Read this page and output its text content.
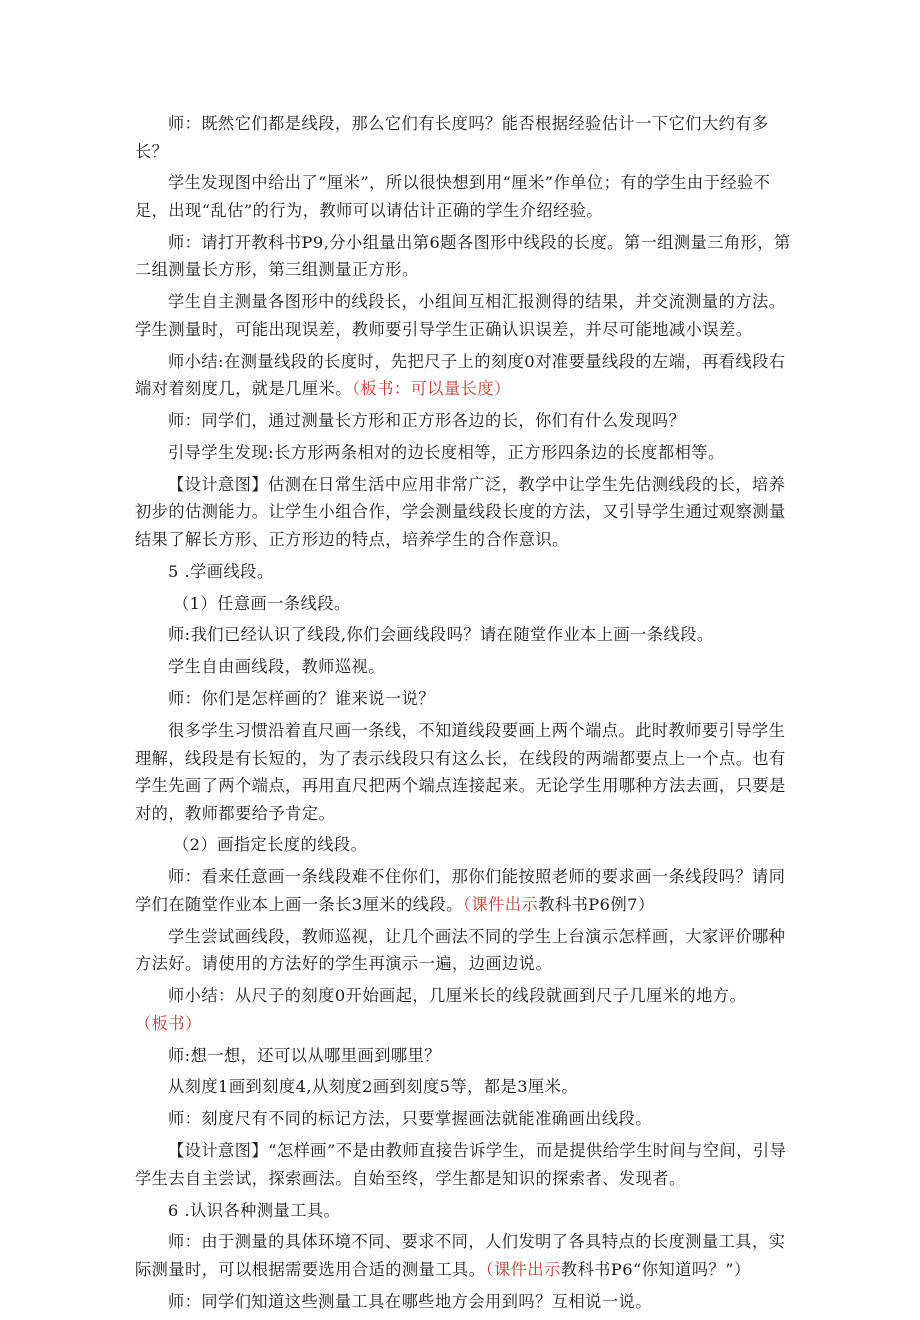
师：既然它们都是线段，那么它们有长度吗？能否根据经验估计一下它们大约有多长？

学生发现图中给出了“厘米”，所以很快想到用“厘米”作单位；有的学生由于经验不足，出现“乱估”的行为，教师可以请估计正确的学生介绍经验。

师：请打开教科书P9,分小组量出第6题各图形中线段的长度。第一组测量三角形，第二组测量长方形，第三组测量正方形。

学生自主测量各图形中的线段长，小组间互相汇报测得的结果，并交流测量的方法。学生测量时，可能出现误差，教师要引导学生正确认识误差，并尽可能地减小误差。

师小结:在测量线段的长度时，先把尺子上的刻度0对准要量线段的左端，再看线段右端对着刻度几，就是几厘米。（板书：可以量长度）

师：同学们，通过测量长方形和正方形各边的长，你们有什么发现吗？

引导学生发现:长方形两条相对的边长度相等，正方形四条边的长度都相等。

【设计意图】估测在日常生活中应用非常广泛，教学中让学生先估测线段的长，培养初步的估测能力。让学生小组合作，学会测量线段长度的方法，又引导学生通过观察测量结果了解长方形、正方形边的特点，培养学生的合作意识。

5 .学画线段。

（1）任意画一条线段。

师:我们已经认识了线段,你们会画线段吗？请在随堂作业本上画一条线段。

学生自由画线段，教师巡视。

师：你们是怎样画的？谁来说一说？

很多学生习惯沿着直尺画一条线，不知道线段要画上两个端点。此时教师要引导学生理解，线段是有长短的，为了表示线段只有这么长，在线段的两端都要点上一个点。也有学生先画了两个端点，再用直尺把两个端点连接起来。无论学生用哪种方法去画，只要是对的，教师都要给予肯定。

（2）画指定长度的线段。

师：看来任意画一条线段难不住你们，那你们能按照老师的要求画一条线段吗？请同学们在随堂作业本上画一条长3厘米的线段。（课件出示教科书P6例7）

学生尝试画线段，教师巡视，让几个画法不同的学生上台演示怎样画，大家评价哪种方法好。请使用的方法好的学生再演示一遍，边画边说。

师小结：从尺子的刻度0开始画起，几厘米长的线段就画到尺子几厘米的地方。（板书）

师:想一想，还可以从哪里画到哪里？

从刻度1画到刻度4,从刻度2画到刻度5等，都是3厘米。

师：刻度尺有不同的标记方法，只要掌握画法就能准确画出线段。

【设计意图】“怎样画”不是由教师直接告诉学生，而是提供给学生时间与空间，引导学生去自主尝试，探索画法。自始至终，学生都是知识的探索者、发现者。

6 .认识各种测量工具。

师：由于测量的具体环境不同、要求不同，人们发明了各具特点的长度测量工具，实际测量时，可以根据需要选用合适的测量工具。（课件出示教科书P6“你知道吗？”）

师：同学们知道这些测量工具在哪些地方会用到吗？互相说一说。
